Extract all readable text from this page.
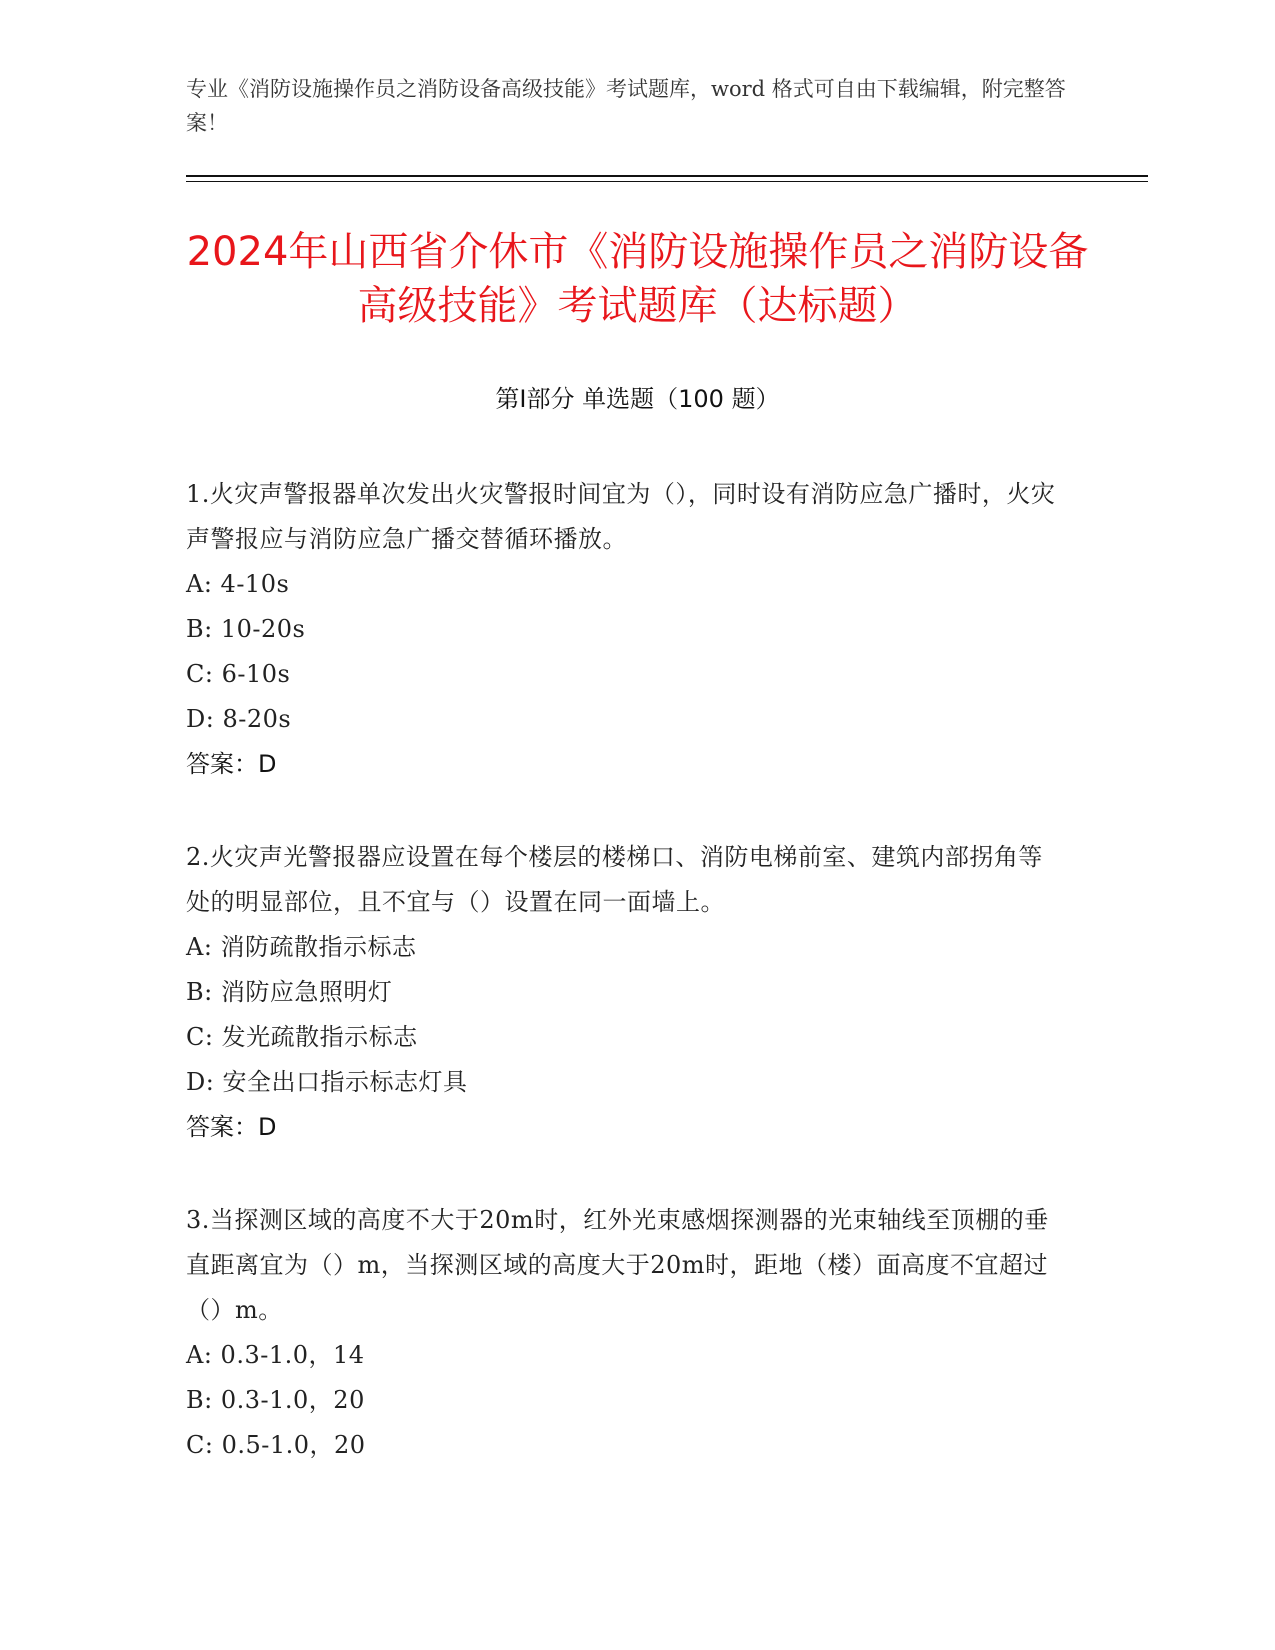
专业《消防设施操作员之消防设备高级技能》考试题库，word 格式可自由下载编辑，附完整答案！
2024年山西省介休市《消防设施操作员之消防设备高级技能》考试题库（达标题）
第Ⅰ部分 单选题（100 题）
1.火灾声警报器单次发出火灾警报时间宜为（），同时设有消防应急广播时，火灾声警报应与消防应急广播交替循环播放。
A: 4-10s
B: 10-20s
C: 6-10s
D: 8-20s
答案：D
2.火灾声光警报器应设置在每个楼层的楼梯口、消防电梯前室、建筑内部拐角等处的明显部位，且不宜与（）设置在同一面墙上。
A: 消防疏散指示标志
B: 消防应急照明灯
C: 发光疏散指示标志
D: 安全出口指示标志灯具
答案：D
3.当探测区域的高度不大于20m时，红外光束感烟探测器的光束轴线至顶棚的垂直距离宜为（）m，当探测区域的高度大于20m时，距地（楼）面高度不宜超过（）m。
A: 0.3-1.0，14
B: 0.3-1.0，20
C: 0.5-1.0，20
